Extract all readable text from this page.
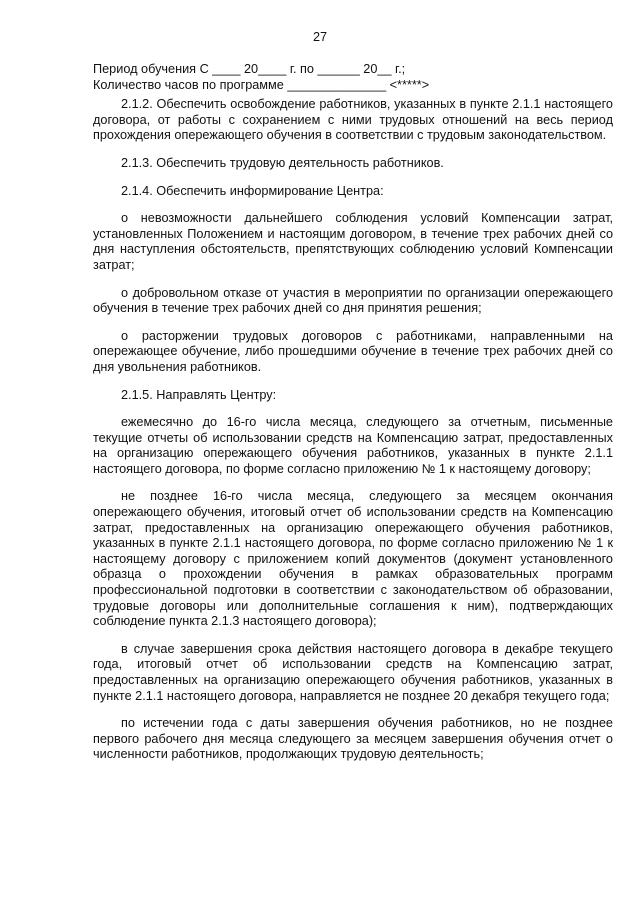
27
Период обучения С ____ 20____ г. по ______ 20__ г.;
Количество часов по программе ______________ <*****>

2.1.2. Обеспечить освобождение работников, указанных в пункте 2.1.1 настоящего договора, от работы с сохранением с ними трудовых отношений на весь период прохождения опережающего обучения в соответствии с трудовым законодательством.

2.1.3. Обеспечить трудовую деятельность работников.

2.1.4. Обеспечить информирование Центра:

о невозможности дальнейшего соблюдения условий Компенсации затрат, установленных Положением и настоящим договором, в течение трех рабочих дней со дня наступления обстоятельств, препятствующих соблюдению условий Компенсации затрат;

о добровольном отказе от участия в мероприятии по организации опережающего обучения в течение трех рабочих дней со дня принятия решения;

о расторжении трудовых договоров с работниками, направленными на опережающее обучение, либо прошедшими обучение в течение трех рабочих дней со дня увольнения работников.

2.1.5. Направлять Центру:

ежемесячно до 16-го числа месяца, следующего за отчетным, письменные текущие отчеты об использовании средств на Компенсацию затрат, предоставленных на организацию опережающего обучения работников, указанных в пункте 2.1.1 настоящего договора, по форме согласно приложению № 1 к настоящему договору;

не позднее 16-го числа месяца, следующего за месяцем окончания опережающего обучения, итоговый отчет об использовании средств на Компенсацию затрат, предоставленных на организацию опережающего обучения работников, указанных в пункте 2.1.1 настоящего договора, по форме согласно приложению № 1 к настоящему договору с приложением копий документов (документ установленного образца о прохождении обучения в рамках образовательных программ профессиональной подготовки в соответствии с законодательством об образовании, трудовые договоры или дополнительные соглашения к ним), подтверждающих соблюдение пункта 2.1.3 настоящего договора);

в случае завершения срока действия настоящего договора в декабре текущего года, итоговый отчет об использовании средств на Компенсацию затрат, предоставленных на организацию опережающего обучения работников, указанных в пункте 2.1.1 настоящего договора, направляется не позднее 20 декабря текущего года;

по истечении года с даты завершения обучения работников, но не позднее первого рабочего дня месяца следующего за месяцем завершения обучения отчет о численности работников, продолжающих трудовую деятельность;
